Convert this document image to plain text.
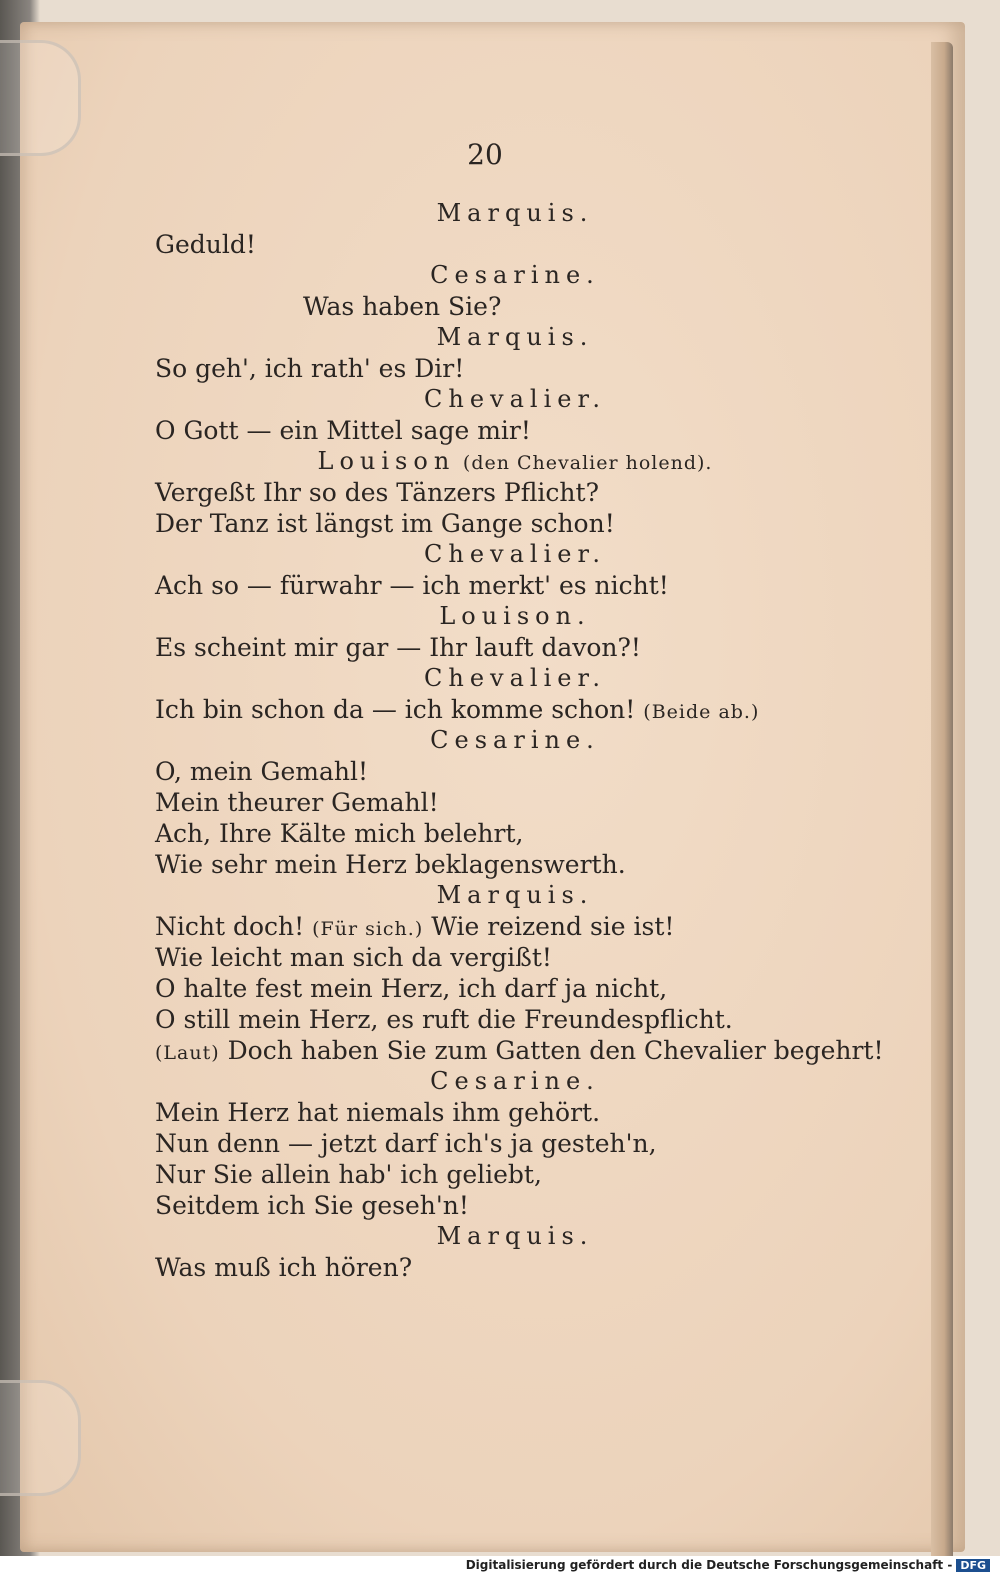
20
Marquis.
Geduld!
Cesarine.
Was haben Sie?
Marquis.
So geh', ich rath' es Dir!
Chevalier.
O Gott — ein Mittel sage mir!
Louison (den Chevalier holend).
Vergeßt Ihr so des Tänzers Pflicht?
Der Tanz ist längst im Gange schon!
Chevalier.
Ach so — fürwahr — ich merkt' es nicht!
Louison.
Es scheint mir gar — Ihr lauft davon?!
Chevalier.
Ich bin schon da — ich komme schon! (Beide ab.)
Cesarine.
O, mein Gemahl!
Mein theurer Gemahl!
Ach, Ihre Kälte mich belehrt,
Wie sehr mein Herz beklagenswerth.
Marquis.
Nicht doch! (Für sich.) Wie reizend sie ist!
Wie leicht man sich da vergißt!
O halte fest mein Herz, ich darf ja nicht,
O still mein Herz, es ruft die Freundespflicht.
(Laut) Doch haben Sie zum Gatten den Chevalier begehrt!
Cesarine.
Mein Herz hat niemals ihm gehört.
Nun denn — jetzt darf ich's ja gesteh'n,
Nur Sie allein hab' ich geliebt,
Seitdem ich Sie geseh'n!
Marquis.
Was muß ich hören?
Digitalisierung gefördert durch die Deutsche Forschungsgemeinschaft - DFG
